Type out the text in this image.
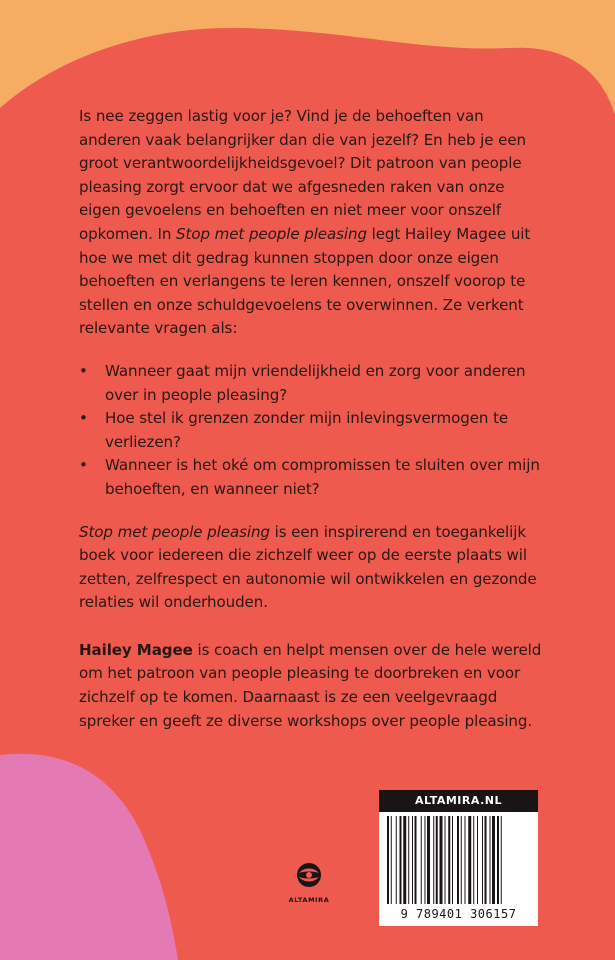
Is nee zeggen lastig voor je? Vind je de behoeften van anderen vaak belangrijker dan die van jezelf? En heb je een groot verantwoordelijkheidsgevoel? Dit patroon van people pleasing zorgt ervoor dat we afgesneden raken van onze eigen gevoelens en behoeften en niet meer voor onszelf opkomen. In Stop met people pleasing legt Hailey Magee uit hoe we met dit gedrag kunnen stoppen door onze eigen behoeften en verlangens te leren kennen, onszelf voorop te stellen en onze schuldgevoelens te overwinnen. Ze verkent relevante vragen als:

• Wanneer gaat mijn vriendelijkheid en zorg voor anderen over in people pleasing?
• Hoe stel ik grenzen zonder mijn inlevingsvermogen te verliezen?
• Wanneer is het oké om compromissen te sluiten over mijn behoeften, en wanneer niet?

Stop met people pleasing is een inspirerend en toegankelijk boek voor iedereen die zichzelf weer op de eerste plaats wil zetten, zelfrespect en autonomie wil ontwikkelen en gezonde relaties wil onderhouden.

Hailey Magee is coach en helpt mensen over de hele wereld om het patroon van people pleasing te doorbreken en voor zichzelf op te komen. Daarnaast is ze een veelgevraagd spreker en geeft ze diverse workshops over people pleasing.

ALTAMIRA
ALTAMIRA.NL
9 789401 306157
